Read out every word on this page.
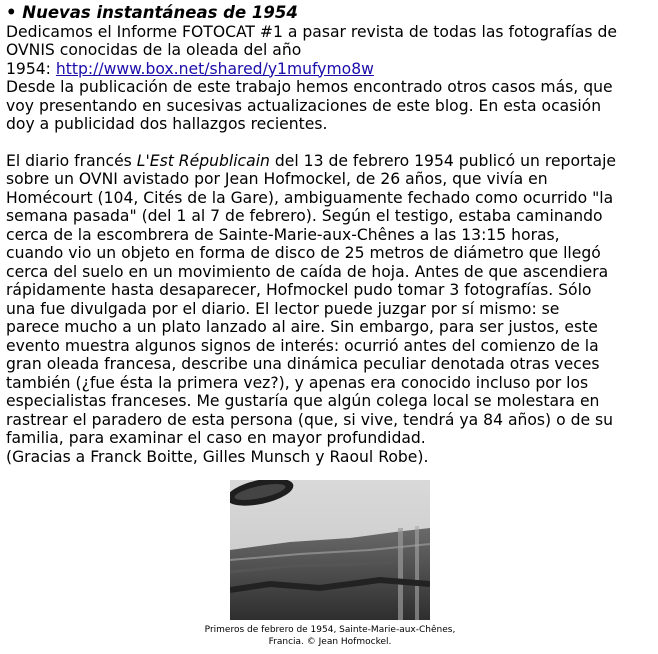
• Nuevas instantáneas de 1954

Dedicamos el Informe FOTOCAT #1 a pasar revista de todas las fotografías de
OVNIS conocidas de la oleada del año
1954: http://www.box.net/shared/y1mufymo8w

Desde la publicación de este trabajo hemos encontrado otros casos más, que
voy presentando en sucesivas actualizaciones de este blog. En esta ocasión
doy a publicidad dos hallazgos recientes.

El diario francés L'Est Républicain del 13 de febrero 1954 publicó un reportaje
sobre un OVNI avistado por Jean Hofmockel, de 26 años, que vivía en
Homécourt (104, Cités de la Gare), ambiguamente fechado como ocurrido "la
semana pasada" (del 1 al 7 de febrero). Según el testigo, estaba caminando
cerca de la escombrera de Sainte-Marie-aux-Chênes a las 13:15 horas,
cuando vio un objeto en forma de disco de 25 metros de diámetro que llegó
cerca del suelo en un movimiento de caída de hoja. Antes de que ascendiera
rápidamente hasta desaparecer, Hofmockel pudo tomar 3 fotografías. Sólo
una fue divulgada por el diario. El lector puede juzgar por sí mismo: se
parece mucho a un plato lanzado al aire. Sin embargo, para ser justos, este
evento muestra algunos signos de interés: ocurrió antes del comienzo de la
gran oleada francesa, describe una dinámica peculiar denotada otras veces
también (¿fue ésta la primera vez?), y apenas era conocido incluso por los
especialistas franceses. Me gustaría que algún colega local se molestara en
rastrear el paradero de esta persona (que, si vive, tendrá ya 84 años) o de su
familia, para examinar el caso en mayor profundidad.
(Gracias a Franck Boitte, Gilles Munsch y Raoul Robe).

Primeros de febrero de 1954, Sainte-Marie-aux-Chênes,
Francia. © Jean Hofmockel.
